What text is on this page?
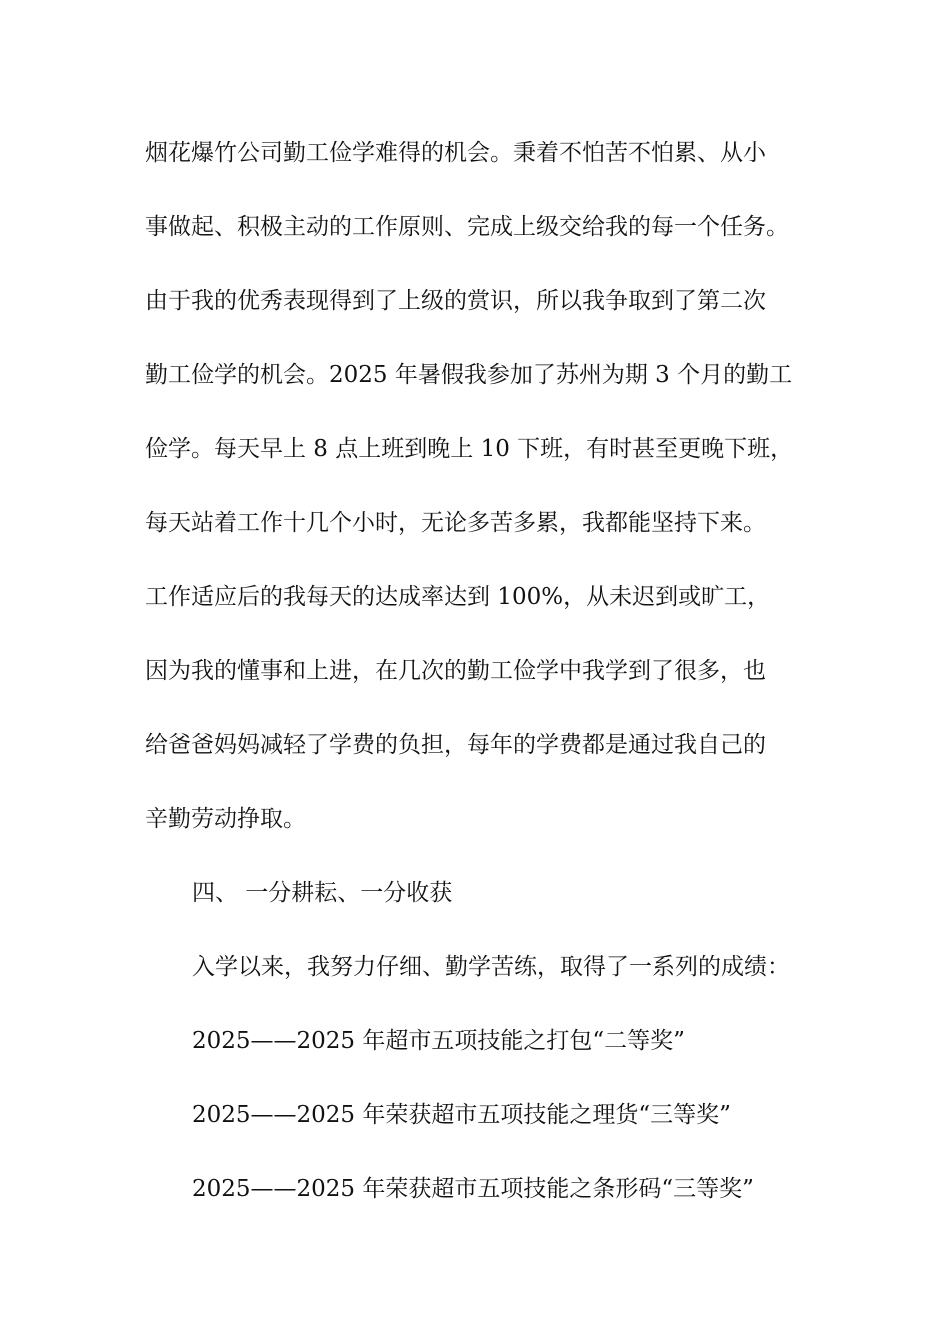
烟花爆竹公司勤工俭学难得的机会。秉着不怕苦不怕累、从小
事做起、积极主动的工作原则、完成上级交给我的每一个任务。
由于我的优秀表现得到了上级的赏识，所以我争取到了第二次
勤工俭学的机会。2025 年暑假我参加了苏州为期 3 个月的勤工
俭学。每天早上 8 点上班到晚上 10 下班，有时甚至更晚下班，
每天站着工作十几个小时，无论多苦多累，我都能坚持下来。
工作适应后的我每天的达成率达到 100%，从未迟到或旷工，
因为我的懂事和上进，在几次的勤工俭学中我学到了很多，也
给爸爸妈妈减轻了学费的负担，每年的学费都是通过我自己的
辛勤劳动挣取。
四、 一分耕耘、一分收获
入学以来，我努力仔细、勤学苦练，取得了一系列的成绩：
2025——2025 年超市五项技能之打包“二等奖”
2025——2025 年荣获超市五项技能之理货“三等奖”
2025——2025 年荣获超市五项技能之条形码“三等奖”
